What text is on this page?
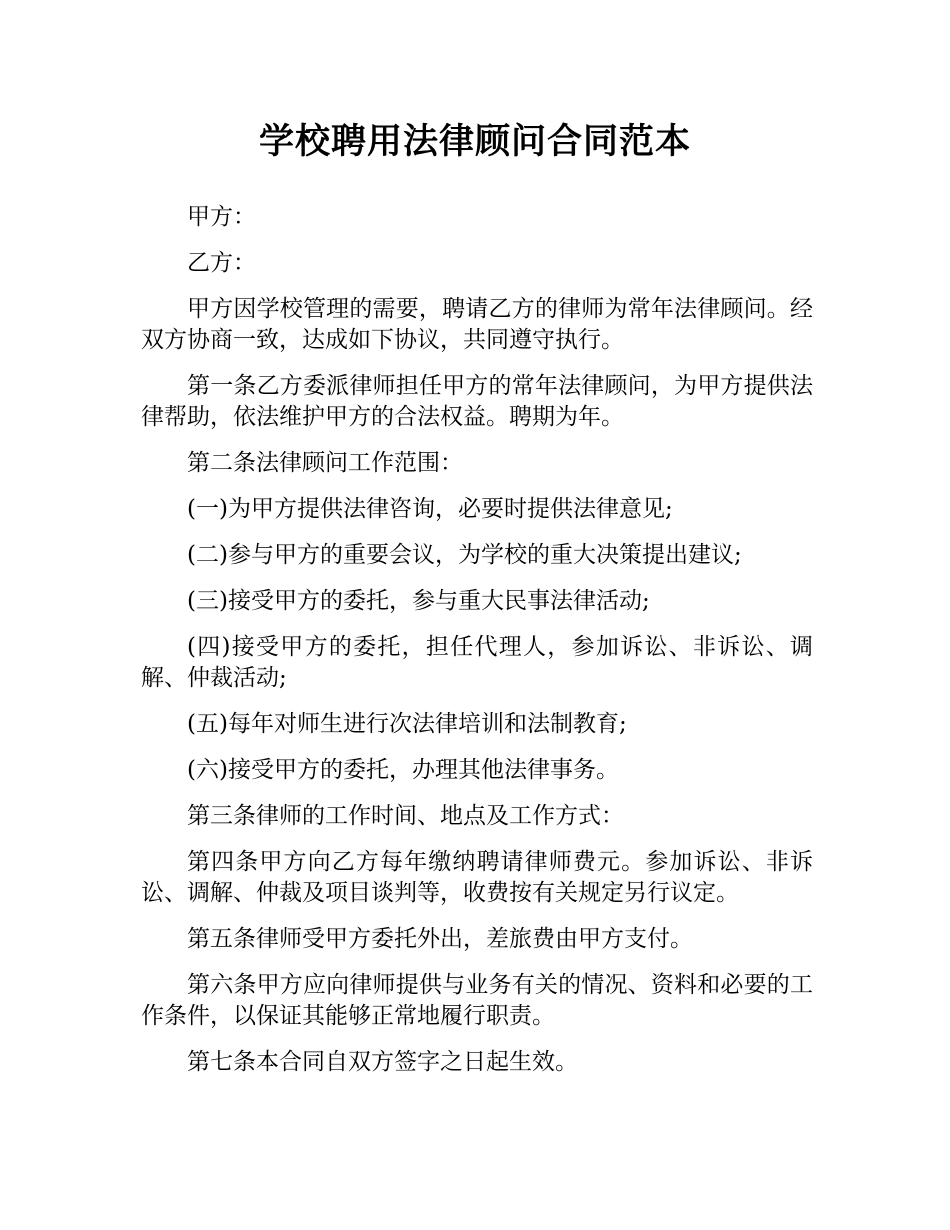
学校聘用法律顾问合同范本

甲方：

乙方：

甲方因学校管理的需要，聘请乙方的律师为常年法律顾问。经双方协商一致，达成如下协议，共同遵守执行。

第一条乙方委派律师担任甲方的常年法律顾问，为甲方提供法律帮助，依法维护甲方的合法权益。聘期为年。

第二条法律顾问工作范围：

(一)为甲方提供法律咨询，必要时提供法律意见;

(二)参与甲方的重要会议，为学校的重大决策提出建议;

(三)接受甲方的委托，参与重大民事法律活动;

(四)接受甲方的委托，担任代理人，参加诉讼、非诉讼、调解、仲裁活动;

(五)每年对师生进行次法律培训和法制教育;

(六)接受甲方的委托，办理其他法律事务。

第三条律师的工作时间、地点及工作方式：

第四条甲方向乙方每年缴纳聘请律师费元。参加诉讼、非诉讼、调解、仲裁及项目谈判等，收费按有关规定另行议定。

第五条律师受甲方委托外出，差旅费由甲方支付。

第六条甲方应向律师提供与业务有关的情况、资料和必要的工作条件，以保证其能够正常地履行职责。

第七条本合同自双方签字之日起生效。
